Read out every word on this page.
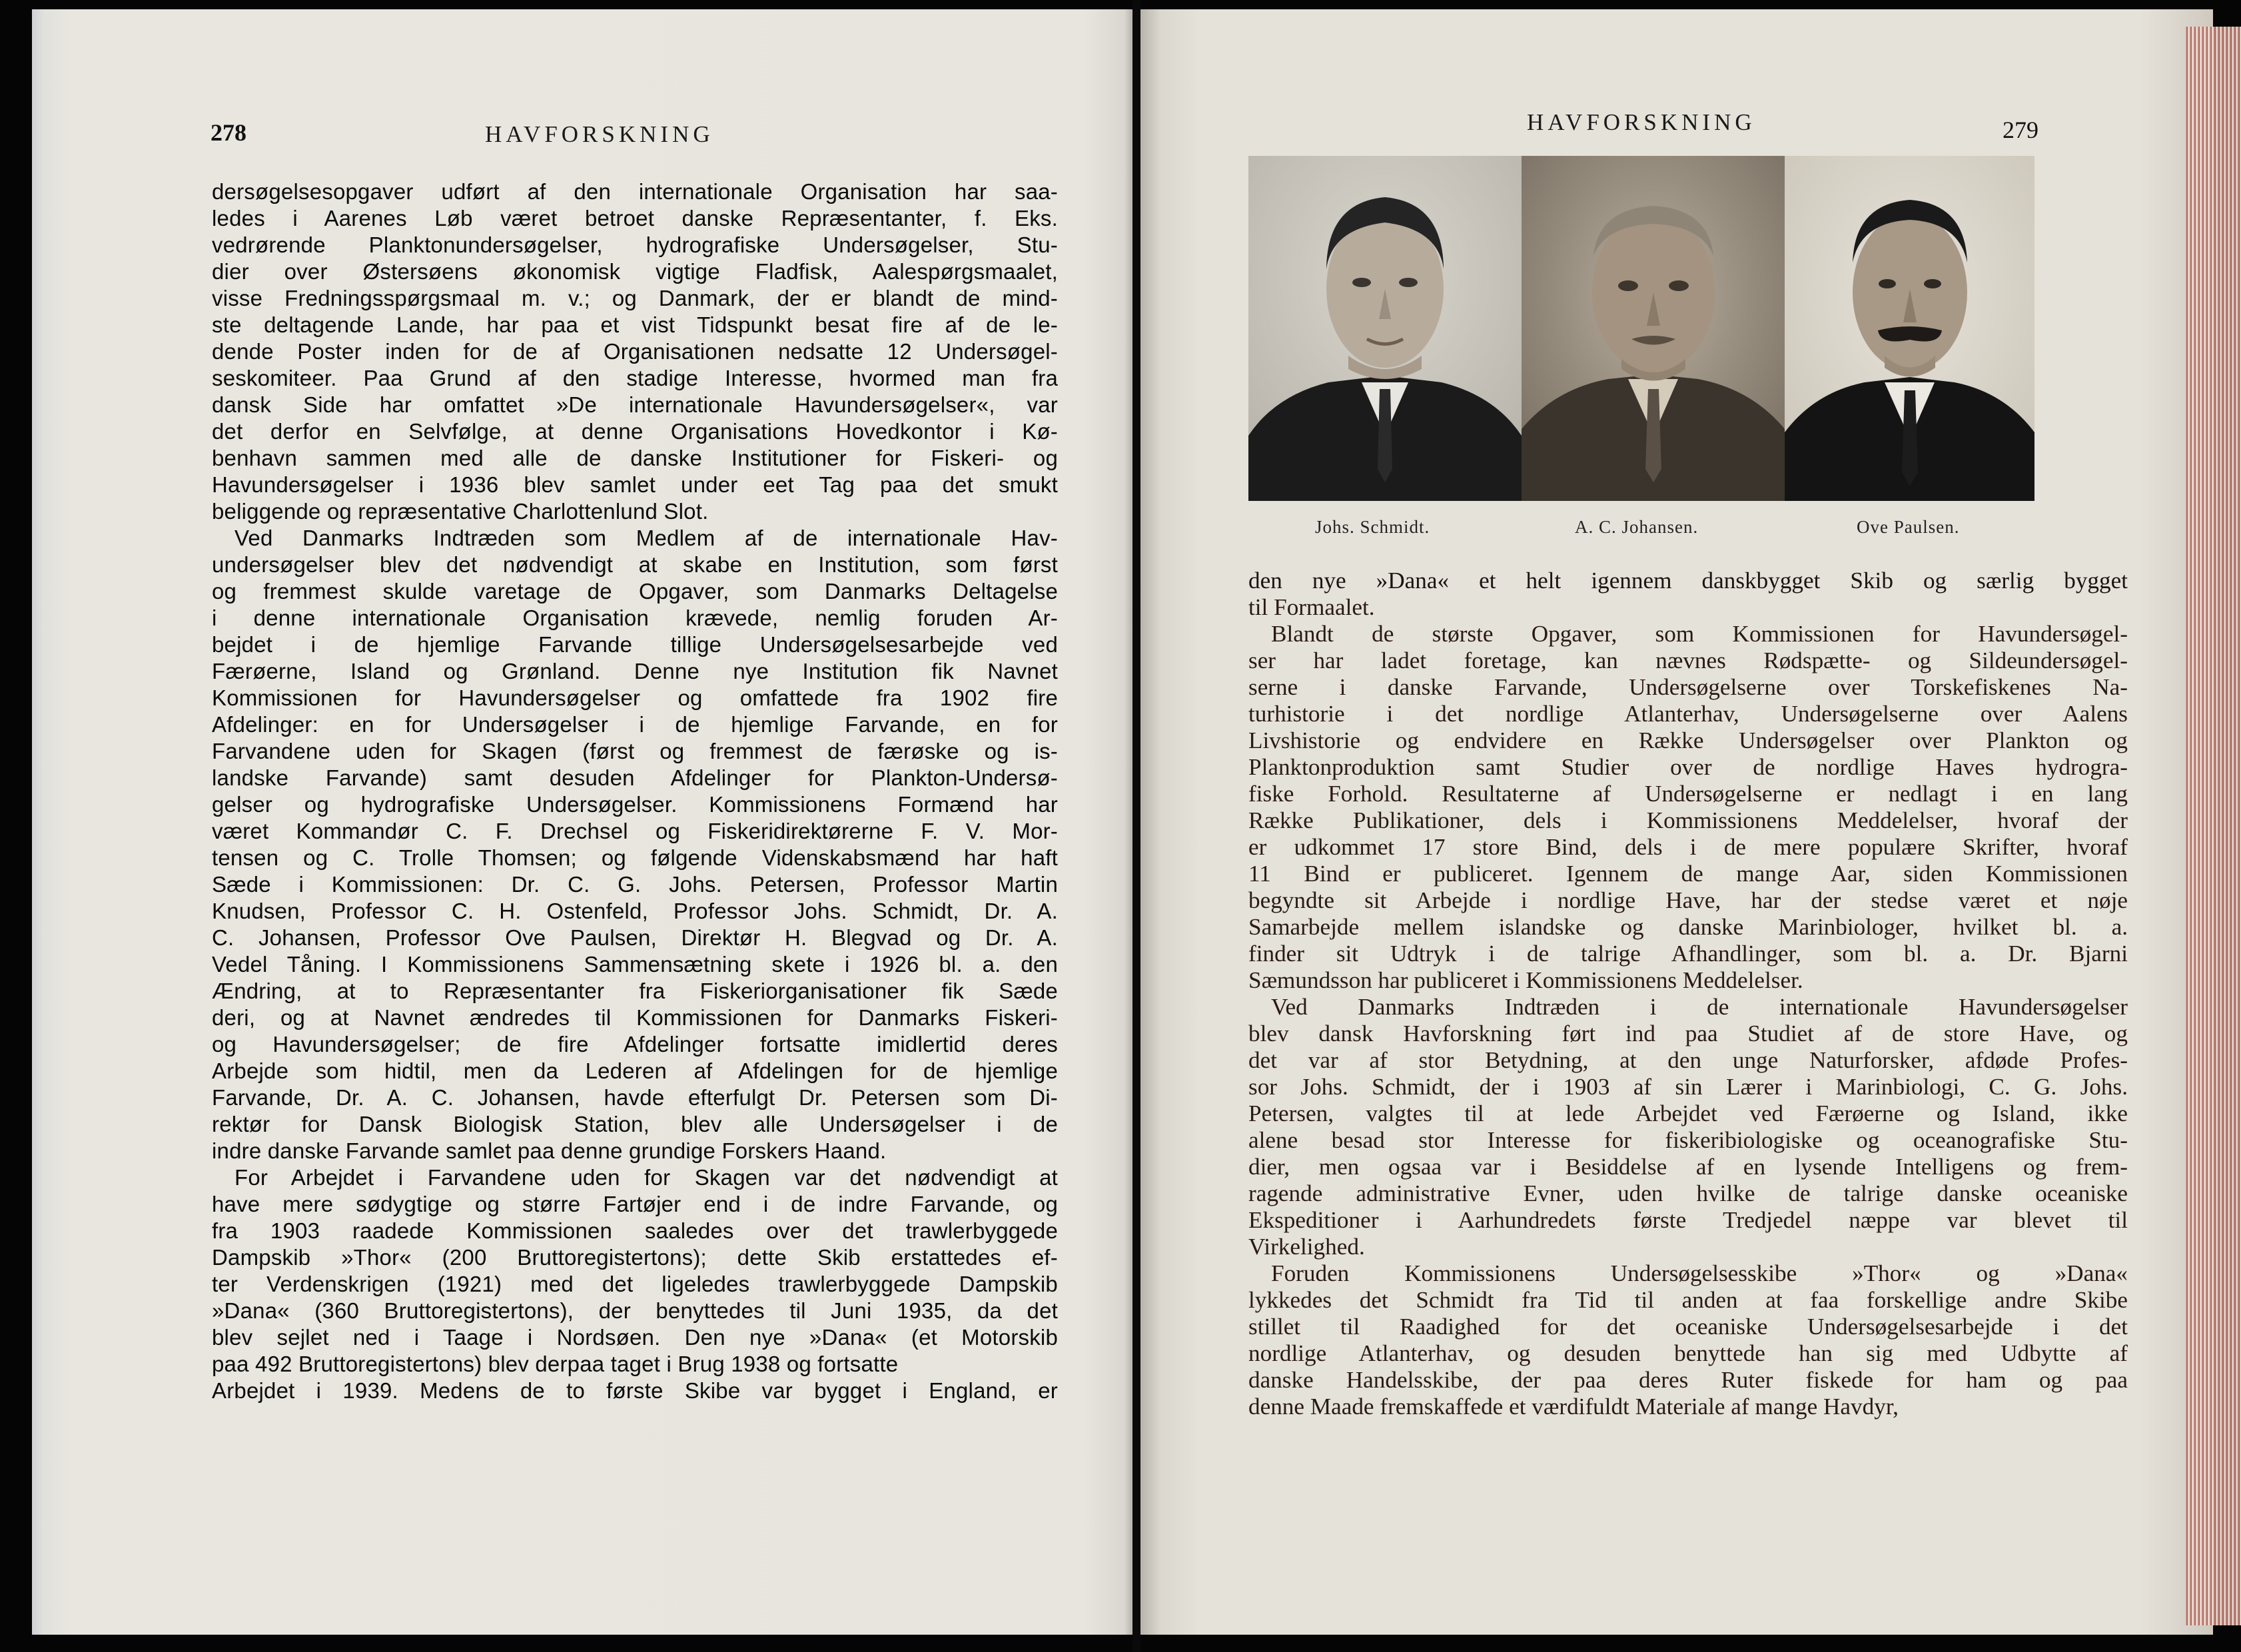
278	HAVFORSKNING
dersøgelsesopgaver udført af den internationale Organisation har saa-
ledes i Aarenes Løb været betroet danske Repræsentanter, f. Eks.
vedrørende Planktonundersøgelser, hydrografiske Undersøgelser, Stu-
dier over Østersøens økonomisk vigtige Fladfisk, Aalespørgsmaalet,
visse Fredningsspørgsmaal m. v.; og Danmark, der er blandt de mind-
ste deltagende Lande, har paa et vist Tidspunkt besat fire af de le-
dende Poster inden for de af Organisationen nedsatte 12 Undersøgel-
seskomiteer. Paa Grund af den stadige Interesse, hvormed man fra
dansk Side har omfattet »De internationale Havundersøgelser«, var
det derfor en Selvfølge, at denne Organisations Hovedkontor i Kø-
benhavn sammen med alle de danske Institutioner for Fiskeri- og
Havundersøgelser i 1936 blev samlet under eet Tag paa det smukt
beliggende og repræsentative Charlottenlund Slot.
Ved Danmarks Indtræden som Medlem af de internationale Hav-
undersøgelser blev det nødvendigt at skabe en Institution, som først
og fremmest skulde varetage de Opgaver, som Danmarks Deltagelse
i denne internationale Organisation krævede, nemlig foruden Ar-
bejdet i de hjemlige Farvande tillige Undersøgelsesarbejde ved
Færøerne, Island og Grønland. Denne nye Institution fik Navnet
Kommissionen for Havundersøgelser og omfattede fra 1902 fire
Afdelinger: en for Undersøgelser i de hjemlige Farvande, en for
Farvandene uden for Skagen (først og fremmest de færøske og is-
landske Farvande) samt desuden Afdelinger for Plankton-Undersø-
gelser og hydrografiske Undersøgelser. Kommissionens Formænd har
været Kommandør C. F. Drechsel og Fiskeridirektørerne F. V. Mor-
tensen og C. Trolle Thomsen; og følgende Videnskabsmænd har haft
Sæde i Kommissionen: Dr. C. G. Johs. Petersen, Professor Martin
Knudsen, Professor C. H. Ostenfeld, Professor Johs. Schmidt, Dr. A.
C. Johansen, Professor Ove Paulsen, Direktør H. Blegvad og Dr. A.
Vedel Tåning. I Kommissionens Sammensætning skete i 1926 bl. a. den
Ændring, at to Repræsentanter fra Fiskeriorganisationer fik Sæde
deri, og at Navnet ændredes til Kommissionen for Danmarks Fiskeri-
og Havundersøgelser; de fire Afdelinger fortsatte imidlertid deres
Arbejde som hidtil, men da Lederen af Afdelingen for de hjemlige
Farvande, Dr. A. C. Johansen, havde efterfulgt Dr. Petersen som Di-
rektør for Dansk Biologisk Station, blev alle Undersøgelser i de
indre danske Farvande samlet paa denne grundige Forskers Haand.
For Arbejdet i Farvandene uden for Skagen var det nødvendigt at
have mere sødygtige og større Fartøjer end i de indre Farvande, og
fra 1903 raadede Kommissionen saaledes over det trawlerbyggede
Dampskib »Thor« (200 Bruttoregistertons); dette Skib erstattedes ef-
ter Verdenskrigen (1921) med det ligeledes trawlerbyggede Dampskib
»Dana« (360 Bruttoregistertons), der benyttedes til Juni 1935, da det
blev sejlet ned i Taage i Nordsøen. Den nye »Dana« (et Motorskib
paa 492 Bruttoregistertons) blev derpaa taget i Brug 1938 og fortsatte
Arbejdet i 1939. Medens de to første Skibe var bygget i England, er
HAVFORSKNING	279
Johs. Schmidt.	A. C. Johansen.	Ove Paulsen.
den nye »Dana« et helt igennem danskbygget Skib og særlig bygget
til Formaalet.
Blandt de største Opgaver, som Kommissionen for Havundersøgel-
ser har ladet foretage, kan nævnes Rødspætte- og Sildeundersøgel-
serne i danske Farvande, Undersøgelserne over Torskefiskenes Na-
turhistorie i det nordlige Atlanterhav, Undersøgelserne over Aalens
Livshistorie og endvidere en Række Undersøgelser over Plankton og
Planktonproduktion samt Studier over de nordlige Haves hydrogra-
fiske Forhold. Resultaterne af Undersøgelserne er nedlagt i en lang
Række Publikationer, dels i Kommissionens Meddelelser, hvoraf der
er udkommet 17 store Bind, dels i de mere populære Skrifter, hvoraf
11 Bind er publiceret. Igennem de mange Aar, siden Kommissionen
begyndte sit Arbejde i nordlige Have, har der stedse været et nøje
Samarbejde mellem islandske og danske Marinbiologer, hvilket bl. a.
finder sit Udtryk i de talrige Afhandlinger, som bl. a. Dr. Bjarni
Sæmundsson har publiceret i Kommissionens Meddelelser.
Ved Danmarks Indtræden i de internationale Havundersøgelser
blev dansk Havforskning ført ind paa Studiet af de store Have, og
det var af stor Betydning, at den unge Naturforsker, afdøde Profes-
sor Johs. Schmidt, der i 1903 af sin Lærer i Marinbiologi, C. G. Johs.
Petersen, valgtes til at lede Arbejdet ved Færøerne og Island, ikke
alene besad stor Interesse for fiskeribiologiske og oceanografiske Stu-
dier, men ogsaa var i Besiddelse af en lysende Intelligens og frem-
ragende administrative Evner, uden hvilke de talrige danske oceaniske
Ekspeditioner i Aarhundredets første Tredjedel næppe var blevet til
Virkelighed.
Foruden Kommissionens Undersøgelsesskibe »Thor« og »Dana«
lykkedes det Schmidt fra Tid til anden at faa forskellige andre Skibe
stillet til Raadighed for det oceaniske Undersøgelsesarbejde i det
nordlige Atlanterhav, og desuden benyttede han sig med Udbytte af
danske Handelsskibe, der paa deres Ruter fiskede for ham og paa
denne Maade fremskaffede et værdifuldt Materiale af mange Havdyr,
